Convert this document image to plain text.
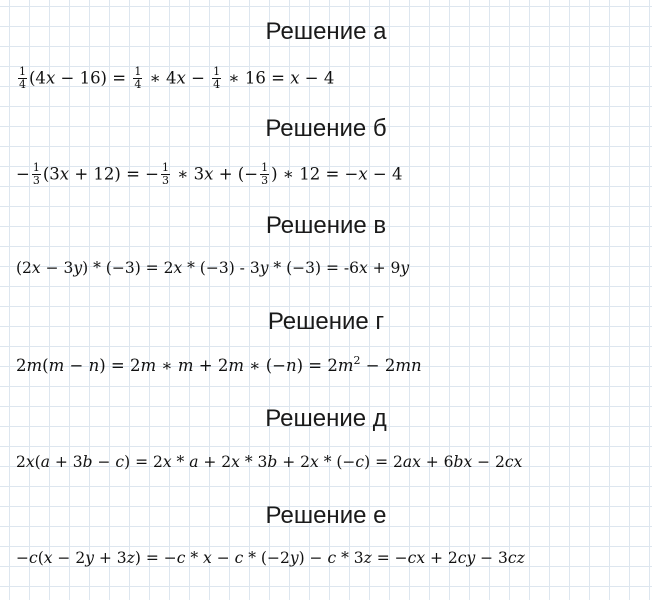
Решение а
$\frac{1}{4} (4x - 16) = \frac{1}{4}$ ∗ $4x - \frac{1}{4}$ ∗ 16 = x − 4
Решение б
− $\frac{1}{3} (3x + 12)$ = − $\frac{1}{3}$ ∗ 3x + (− $\frac{1}{3}$ ) ∗ 12 = −x − 4
Решение в
(2x − 3y) * (−3) = 2x * (−3) - 3y * (−3) = -6x + 9y
Решение г
2m(m − n) = 2m ∗ m + 2m ∗ $(-n) = 2m^2 - 2mn$
Решение д
2x(a + 3b − c) = 2x * a + 2x * 3b + 2x * (−c) = 2ax + 6bx − 2cx
Решение е
−c(x − 2y + 3z) = −c * x − c * (−2y) − c * 3z = −cx + 2cy − 3cz
